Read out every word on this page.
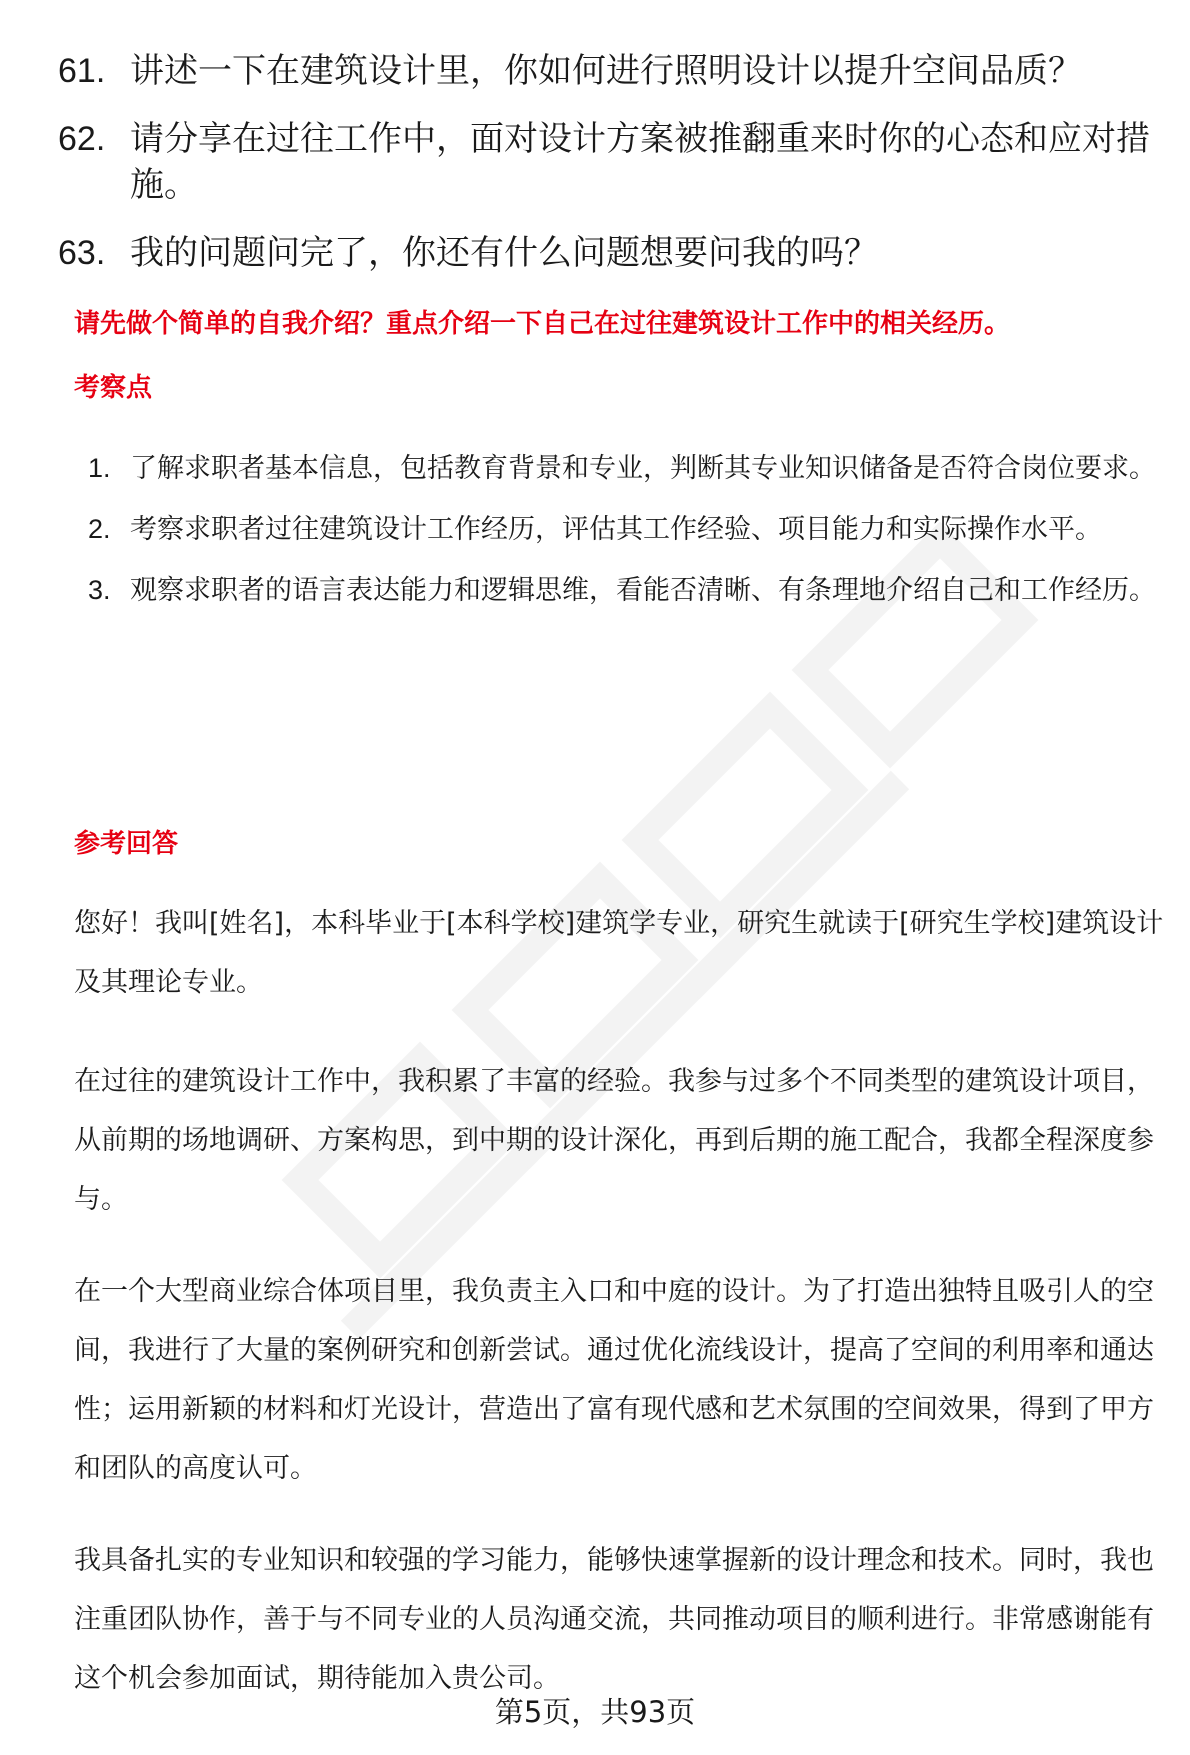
61. 讲述一下在建筑设计里，你如何进行照明设计以提升空间品质？
62. 请分享在过往工作中，面对设计方案被推翻重来时你的心态和应对措施。
63. 我的问题问完了，你还有什么问题想要问我的吗？
请先做个简单的自我介绍？重点介绍一下自己在过往建筑设计工作中的相关经历。
考察点
1. 了解求职者基本信息，包括教育背景和专业，判断其专业知识储备是否符合岗位要求。
2. 考察求职者过往建筑设计工作经历，评估其工作经验、项目能力和实际操作水平。
3. 观察求职者的语言表达能力和逻辑思维，看能否清晰、有条理地介绍自己和工作经历。
参考回答
您好！我叫[姓名]，本科毕业于[本科学校]建筑学专业，研究生就读于[研究生学校]建筑设计及其理论专业。
在过往的建筑设计工作中，我积累了丰富的经验。我参与过多个不同类型的建筑设计项目，从前期的场地调研、方案构思，到中期的设计深化，再到后期的施工配合，我都全程深度参与。
在一个大型商业综合体项目里，我负责主入口和中庭的设计。为了打造出独特且吸引人的空间，我进行了大量的案例研究和创新尝试。通过优化流线设计，提高了空间的利用率和通达性；运用新颖的材料和灯光设计，营造出了富有现代感和艺术氛围的空间效果，得到了甲方和团队的高度认可。
我具备扎实的专业知识和较强的学习能力，能够快速掌握新的设计理念和技术。同时，我也注重团队协作，善于与不同专业的人员沟通交流，共同推动项目的顺利进行。非常感谢能有这个机会参加面试，期待能加入贵公司。
第5页，共93页
